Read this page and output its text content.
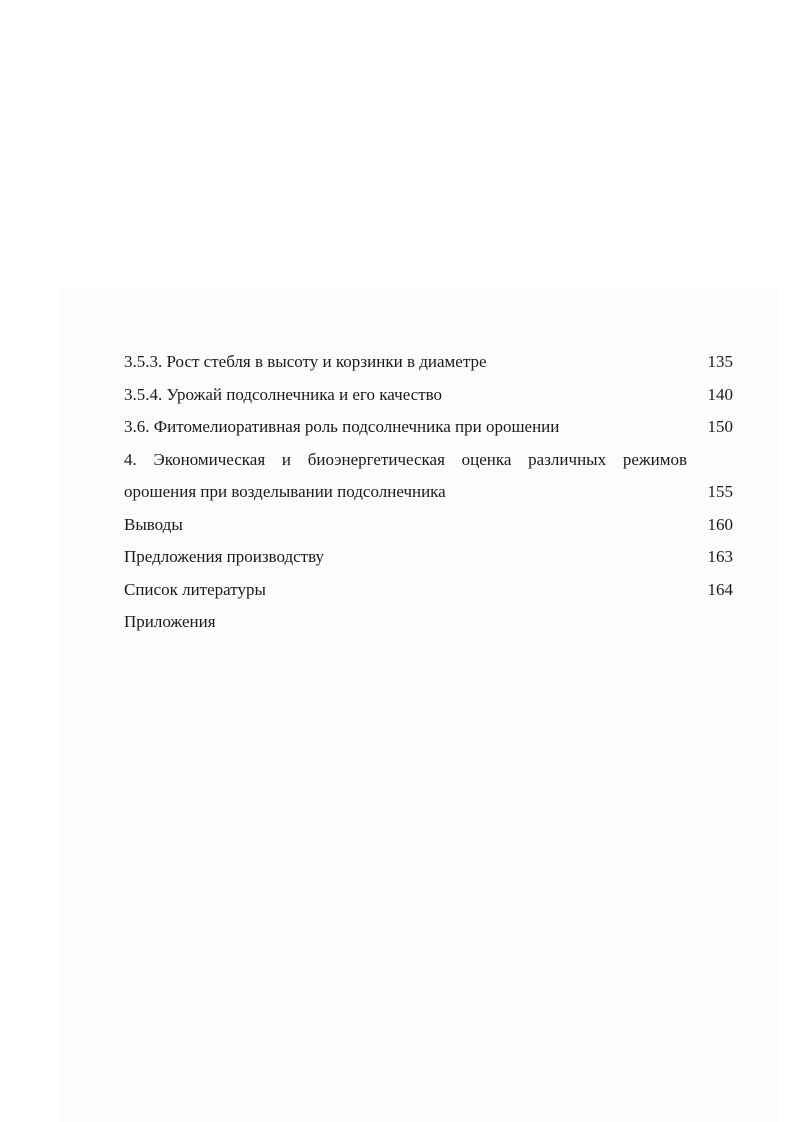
3.5.3. Рост стебля в высоту и корзинки в диаметре	135
3.5.4. Урожай подсолнечника и его качество	140
3.6. Фитомелиоративная роль подсолнечника при орошении	150
4. Экономическая и биоэнергетическая оценка различных режимов
орошения при возделывании подсолнечника	155
Выводы	160
Предложения производству	163
Список литературы	164
Приложения
